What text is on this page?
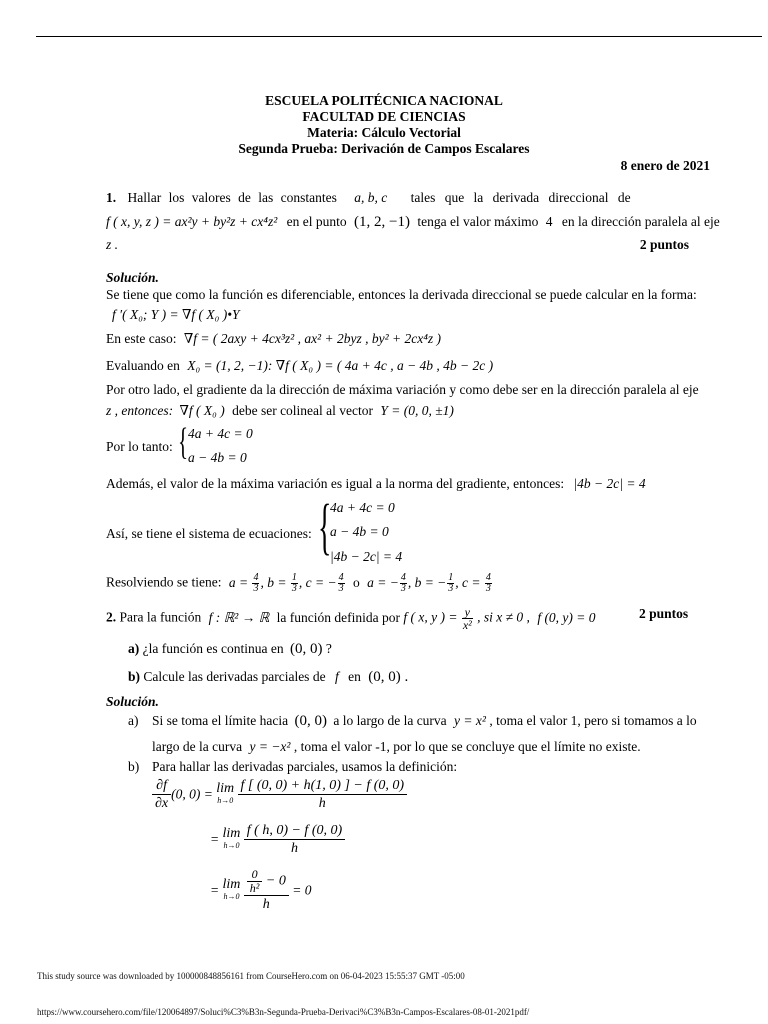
ESCUELA POLITÉCNICA NACIONAL
FACULTAD DE CIENCIAS
Materia: Cálculo Vectorial
Segunda Prueba: Derivación de Campos Escalares
8 enero de 2021
1. Hallar los valores de las constantes a, b, c tales que la derivada direccional de
f ( x, y, z ) = ax²y + by²z + cx⁴z² en el punto (1, 2, −1) tenga el valor máximo 4 en la dirección paralela al eje
z .	2 puntos
Solución.
Se tiene que como la función es diferenciable, entonces la derivada direccional se puede calcular en la forma:
f ′( X₀; Y ) = ∇f ( X₀ )•Y
En este caso: ∇f = ( 2axy + 4cx³z² , ax² + 2byz , by² + 2cx⁴z )
Evaluando en X₀ = (1, 2, −1): ∇f ( X₀ ) = ( 4a + 4c , a − 4b , 4b − 2c )
Por otro lado, el gradiente da la dirección de máxima variación y como debe ser en la dirección paralela al eje
z , entonces: ∇f ( X₀ ) debe ser colineal al vector Y = (0, 0, ±1)
Por lo tanto: { 4a + 4c = 0
a − 4b = 0
Además, el valor de la máxima variación es igual a la norma del gradiente, entonces: |4b − 2c| = 4
Así, se tiene el sistema de ecuaciones: {
4a + 4c = 0
a − 4b = 0
|4b − 2c| = 4
Resolviendo se tiene: $a = \frac{4}{3}$ , $b = \frac{1}{3}$ , c = − $\frac{4}{3}$ o a = − $\frac{4}{3}$ , b = − $\frac{1}{3}$ , $c = \frac{4}{3}$
2. Para la función f : ℝ² → ℝ la función definida por f ( x, y ) = $\frac{y}{\text{x²}}$ , si x ≠ 0 , f (0, y) = 0	2 puntos
a) ¿la función es continua en (0, 0) ?
b) Calcule las derivadas parciales de f en (0, 0) .
Solución.
a) Si se toma el límite hacia (0, 0) a lo largo de la curva y = x² , toma el valor 1, pero si tomamos a lo
largo de la curva y = −x² , toma el valor -1, por lo que se concluye que el límite no existe.
b) Para hallar las derivadas parciales, usamos la definición:
$\frac{\partial f}{\partial x} (0$, 0) = lim
h→0
$\frac{f [ (0, 0) + h(1, 0) ] - f (0, 0)}{h}$
= lim
h→0
$\frac{f ( h, 0) - f (0, 0)}{h}$
= lim
h→0
$\frac{\frac{0}{\text{h²}} - 0}{h} = 0$
This study source was downloaded by 100000848856161 from CourseHero.com on 06-04-2023 15:55:37 GMT -05:00
https://www.coursehero.com/file/120064897/Soluci%C3%B3n-Segunda-Prueba-Derivaci%C3%B3n-Campos-Escalares-08-01-2021pdf/
